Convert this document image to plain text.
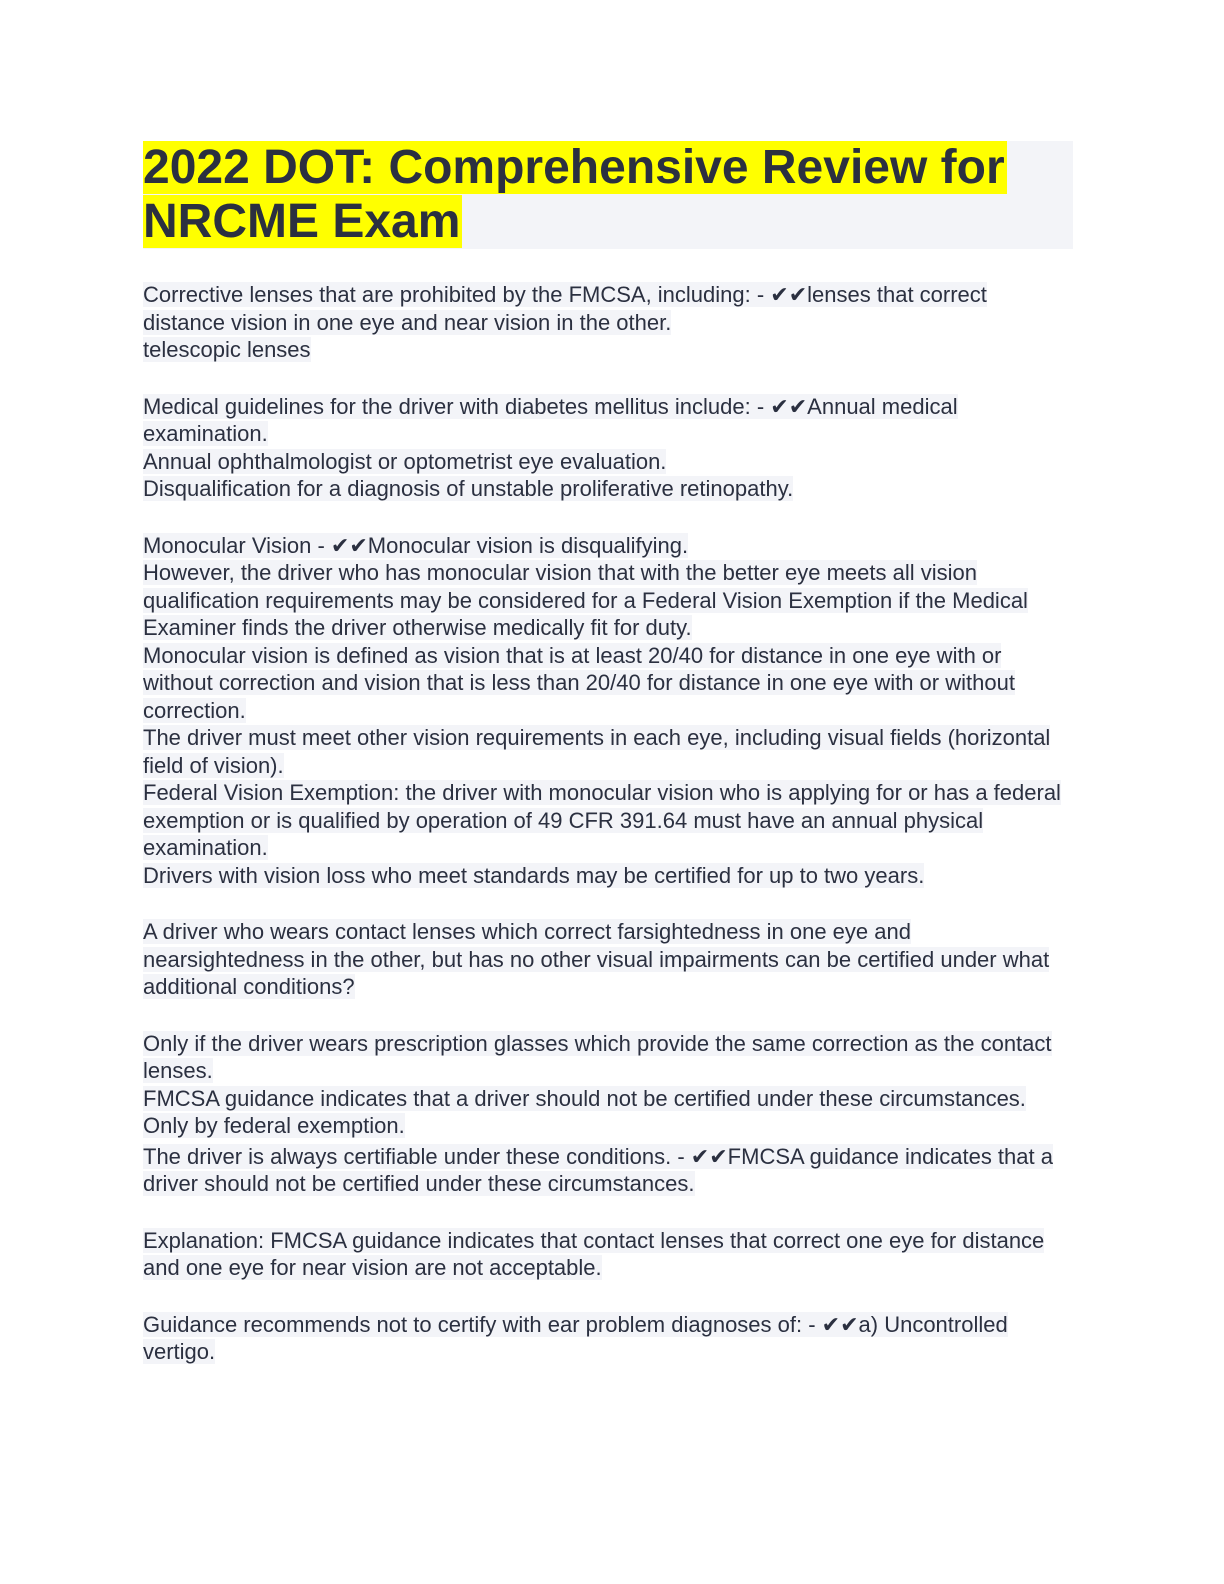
2022 DOT: Comprehensive Review for NRCME Exam
Corrective lenses that are prohibited by the FMCSA, including: - ✔✔lenses that correct distance vision in one eye and near vision in the other.
telescopic lenses
Medical guidelines for the driver with diabetes mellitus include: - ✔✔Annual medical examination.
Annual ophthalmologist or optometrist eye evaluation.
Disqualification for a diagnosis of unstable proliferative retinopathy.
Monocular Vision - ✔✔Monocular vision is disqualifying.
However, the driver who has monocular vision that with the better eye meets all vision qualification requirements may be considered for a Federal Vision Exemption if the Medical Examiner finds the driver otherwise medically fit for duty.
Monocular vision is defined as vision that is at least 20/40 for distance in one eye with or without correction and vision that is less than 20/40 for distance in one eye with or without correction.
The driver must meet other vision requirements in each eye, including visual fields (horizontal field of vision).
Federal Vision Exemption: the driver with monocular vision who is applying for or has a federal exemption or is qualified by operation of 49 CFR 391.64 must have an annual physical examination.
Drivers with vision loss who meet standards may be certified for up to two years.
A driver who wears contact lenses which correct farsightedness in one eye and nearsightedness in the other, but has no other visual impairments can be certified under what additional conditions?
Only if the driver wears prescription glasses which provide the same correction as the contact lenses.
FMCSA guidance indicates that a driver should not be certified under these circumstances.
Only by federal exemption.
The driver is always certifiable under these conditions. - ✔✔FMCSA guidance indicates that a driver should not be certified under these circumstances.
Explanation: FMCSA guidance indicates that contact lenses that correct one eye for distance and one eye for near vision are not acceptable.
Guidance recommends not to certify with ear problem diagnoses of: - ✔✔a) Uncontrolled vertigo.
